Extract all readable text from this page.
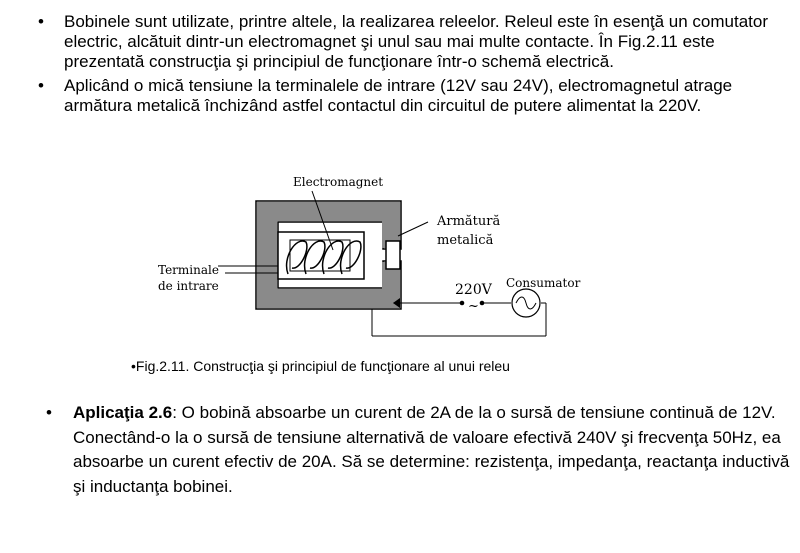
• Bobinele sunt utilizate, printre altele, la realizarea releelor. Releul este în esenţă un comutator electric, alcătuit dintr-un electromagnet şi unul sau mai multe contacte. În Fig.2.11 este prezentată construcţia şi principiul de funcţionare într-o schemă electrică.
• Aplicând o mică tensiune la terminalele de intrare (12V sau 24V), electromagnetul atrage armătura metalică închizând astfel contactul din circuitul de putere alimentat la 220V.
Electromagnet
Armătură
metalică
Terminale
de intrare	220V
~
Consumator
•Fig.2.11. Construcţia şi principiul de funcţionare al unui releu
• Aplicaţia 2.6: O bobină absoarbe un curent de 2A de la o sursă de tensiune continuă de 12V. Conectând-o la o sursă de tensiune alternativă de valoare efectivă 240V şi frecvenţa 50Hz, ea absoarbe un curent efectiv de 20A. Să se determine: rezistenţa, impedanţa, reactanţa inductivă şi inductanţa bobinei.
